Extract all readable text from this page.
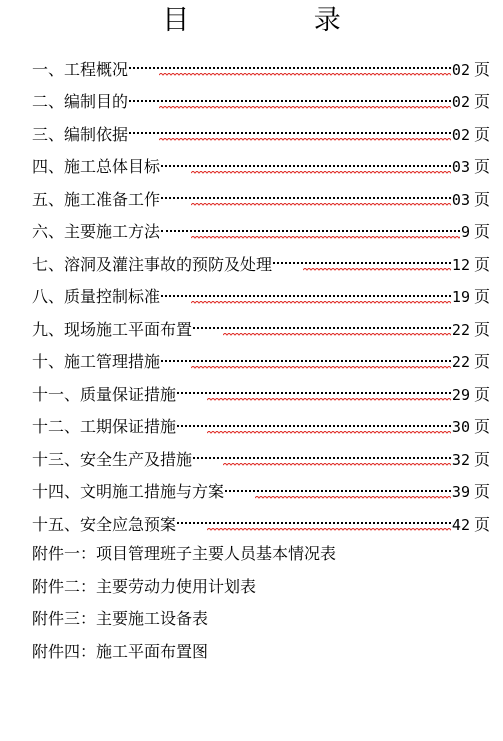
目 录
一、工程概况	02 页
二、编制目的	02 页
三、编制依据	02 页
四、施工总体目标	03 页
五、施工准备工作	03 页
六、主要施工方法	9 页
七、溶洞及灌注事故的预防及处理	12 页
八、质量控制标准	19 页
九、现场施工平面布置	22 页
十、施工管理措施	22 页
十一、质量保证措施	29 页
十二、工期保证措施	30 页
十三、安全生产及措施	32 页
十四、文明施工措施与方案	39 页
十五、安全应急预案	42 页
附件一：项目管理班子主要人员基本情况表
附件二：主要劳动力使用计划表
附件三：主要施工设备表
附件四：施工平面布置图
